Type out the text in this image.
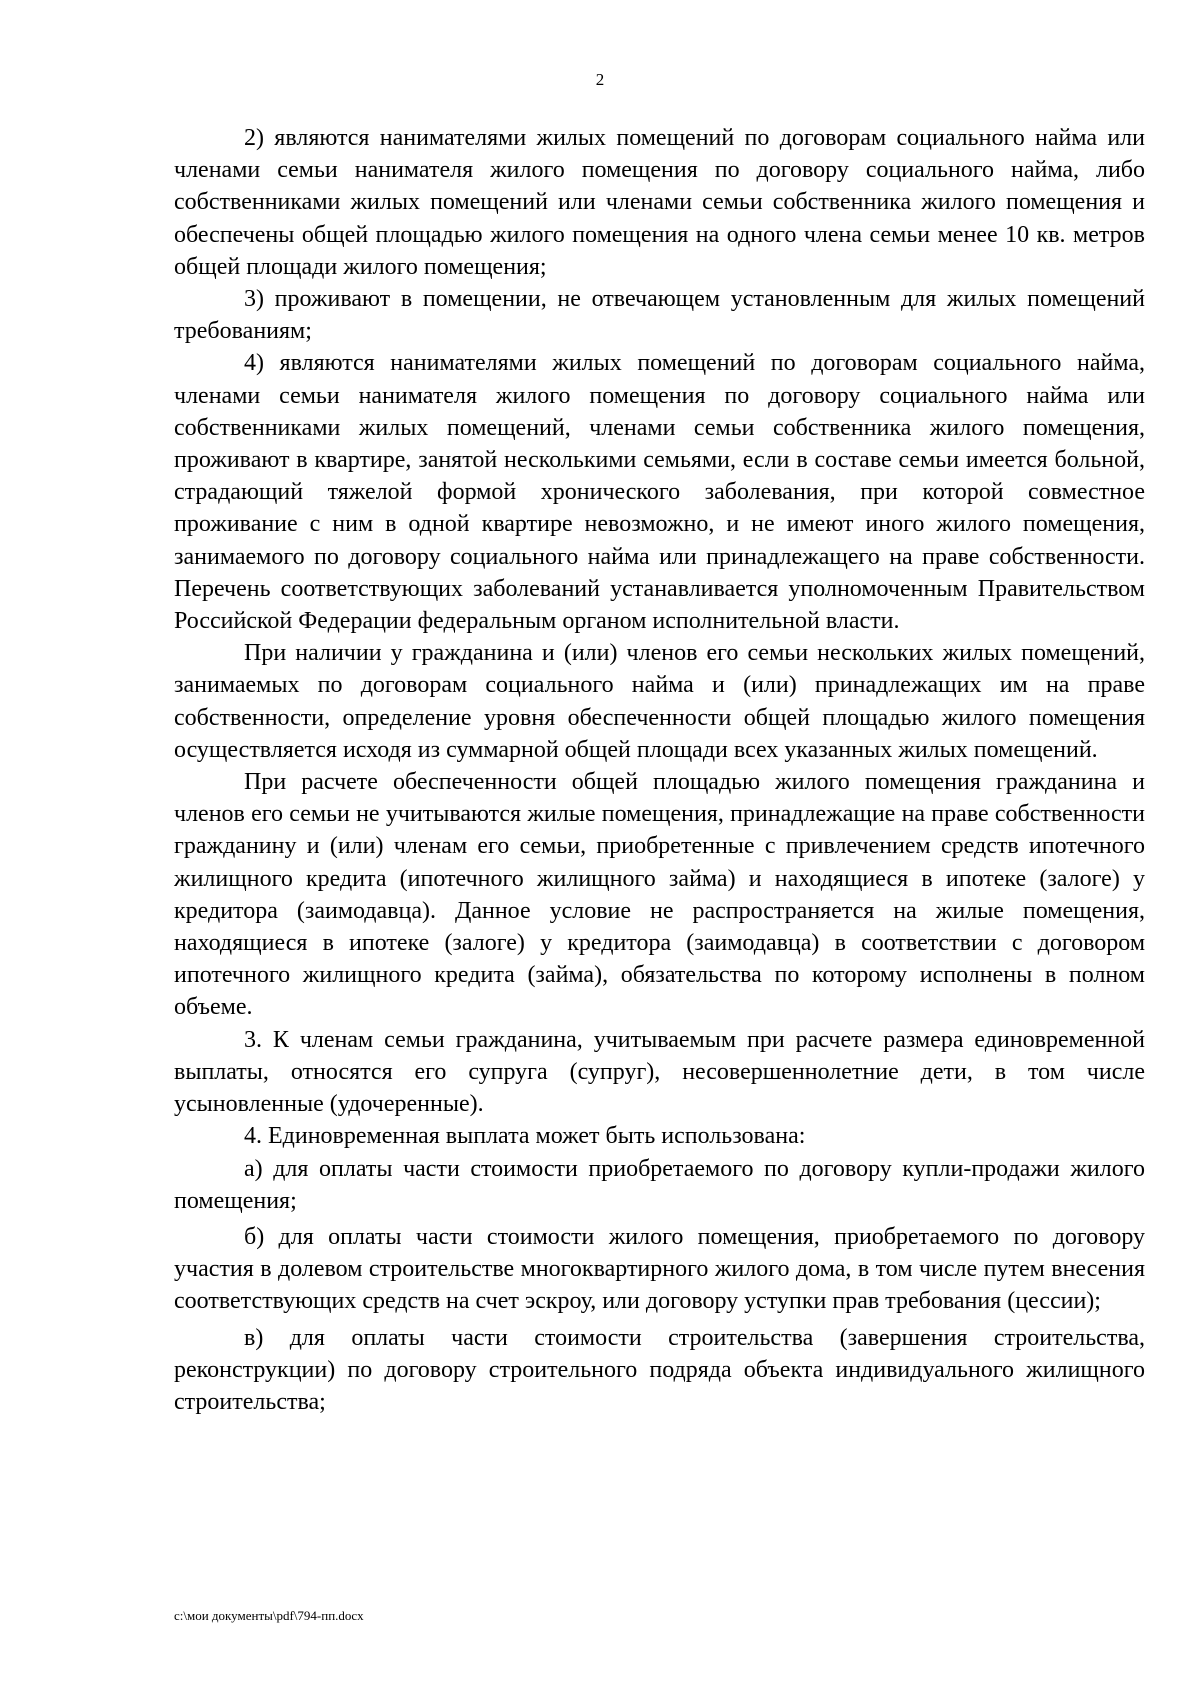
2

2) являются нанимателями жилых помещений по договорам социального найма или членами семьи нанимателя жилого помещения по договору социального найма, либо собственниками жилых помещений или членами семьи собственника жилого помещения и обеспечены общей площадью жилого помещения на одного члена семьи менее 10 кв. метров общей площади жилого помещения;

3) проживают в помещении, не отвечающем установленным для жилых помещений требованиям;

4) являются нанимателями жилых помещений по договорам социального найма, членами семьи нанимателя жилого помещения по договору социального найма или собственниками жилых помещений, членами семьи собственника жилого помещения, проживают в квартире, занятой несколькими семьями, если в составе семьи имеется больной, страдающий тяжелой формой хронического заболевания, при которой совместное проживание с ним в одной квартире невозможно, и не имеют иного жилого помещения, занимаемого по договору социального найма или принадлежащего на праве собственности. Перечень соответствующих заболеваний устанавливается уполномоченным Правительством Российской Федерации федеральным органом исполнительной власти.

При наличии у гражданина и (или) членов его семьи нескольких жилых помещений, занимаемых по договорам социального найма и (или) принадлежащих им на праве собственности, определение уровня обеспеченности общей площадью жилого помещения осуществляется исходя из суммарной общей площади всех указанных жилых помещений.

При расчете обеспеченности общей площадью жилого помещения гражданина и членов его семьи не учитываются жилые помещения, принадлежащие на праве собственности гражданину и (или) членам его семьи, приобретенные с привлечением средств ипотечного жилищного кредита (ипотечного жилищного займа) и находящиеся в ипотеке (залоге) у кредитора (заимодавца). Данное условие не распространяется на жилые помещения, находящиеся в ипотеке (залоге) у кредитора (заимодавца) в соответствии с договором ипотечного жилищного кредита (займа), обязательства по которому исполнены в полном объеме.

3. К членам семьи гражданина, учитываемым при расчете размера единовременной выплаты, относятся его супруга (супруг), несовершеннолетние дети, в том числе усыновленные (удочеренные).

4. Единовременная выплата может быть использована:

а) для оплаты части стоимости приобретаемого по договору купли-продажи жилого помещения;

б) для оплаты части стоимости жилого помещения, приобретаемого по договору участия в долевом строительстве многоквартирного жилого дома, в том числе путем внесения соответствующих средств на счет эскроу, или договору уступки прав требования (цессии);

в) для оплаты части стоимости строительства (завершения строительства, реконструкции) по договору строительного подряда объекта индивидуального жилищного строительства;

c:\мои документы\pdf\794-пп.docx
